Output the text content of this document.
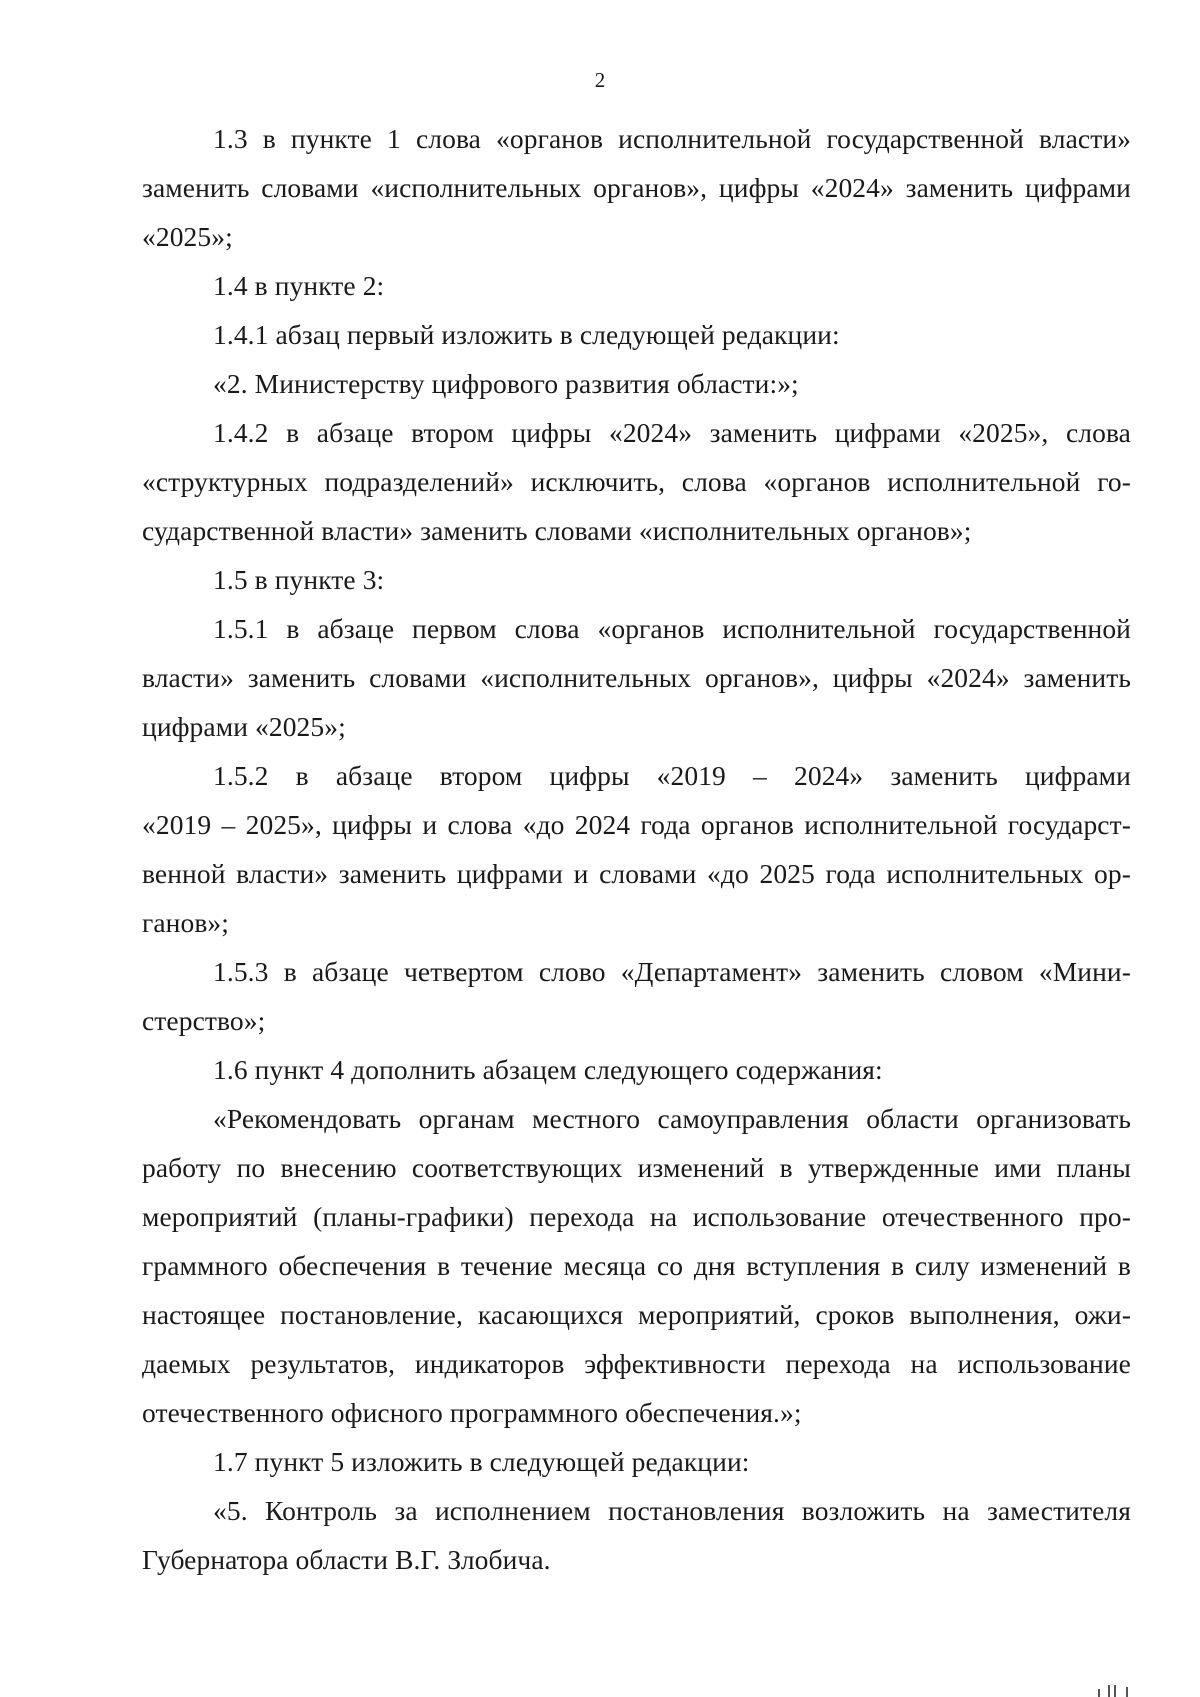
2
1.3 в пункте 1 слова «органов исполнительной государственной власти»
заменить словами «исполнительных органов», цифры «2024» заменить цифрами
«2025»;
1.4 в пункте 2:
1.4.1 абзац первый изложить в следующей редакции:
«2. Министерству цифрового развития области:»;
1.4.2 в абзаце втором цифры «2024» заменить цифрами «2025», слова
«структурных подразделений» исключить, слова «органов исполнительной го-
сударственной власти» заменить словами «исполнительных органов»;
1.5 в пункте 3:
1.5.1 в абзаце первом слова «органов исполнительной государственной
власти» заменить словами «исполнительных органов», цифры «2024» заменить
цифрами «2025»;
1.5.2 в абзаце втором цифры «2019 – 2024» заменить цифрами
«2019 – 2025», цифры и слова «до 2024 года органов исполнительной государст-
венной власти» заменить цифрами и словами «до 2025 года исполнительных ор-
ганов»;
1.5.3 в абзаце четвертом слово «Департамент» заменить словом «Мини-
стерство»;
1.6 пункт 4 дополнить абзацем следующего содержания:
«Рекомендовать органам местного самоуправления области организовать
работу по внесению соответствующих изменений в утвержденные ими планы
мероприятий (планы-графики) перехода на использование отечественного про-
граммного обеспечения в течение месяца со дня вступления в силу изменений в
настоящее постановление, касающихся мероприятий, сроков выполнения, ожи-
даемых результатов, индикаторов эффективности перехода на использование
отечественного офисного программного обеспечения.»;
1.7 пункт 5 изложить в следующей редакции:
«5. Контроль за исполнением постановления возложить на заместителя
Губернатора области В.Г. Злобича.
